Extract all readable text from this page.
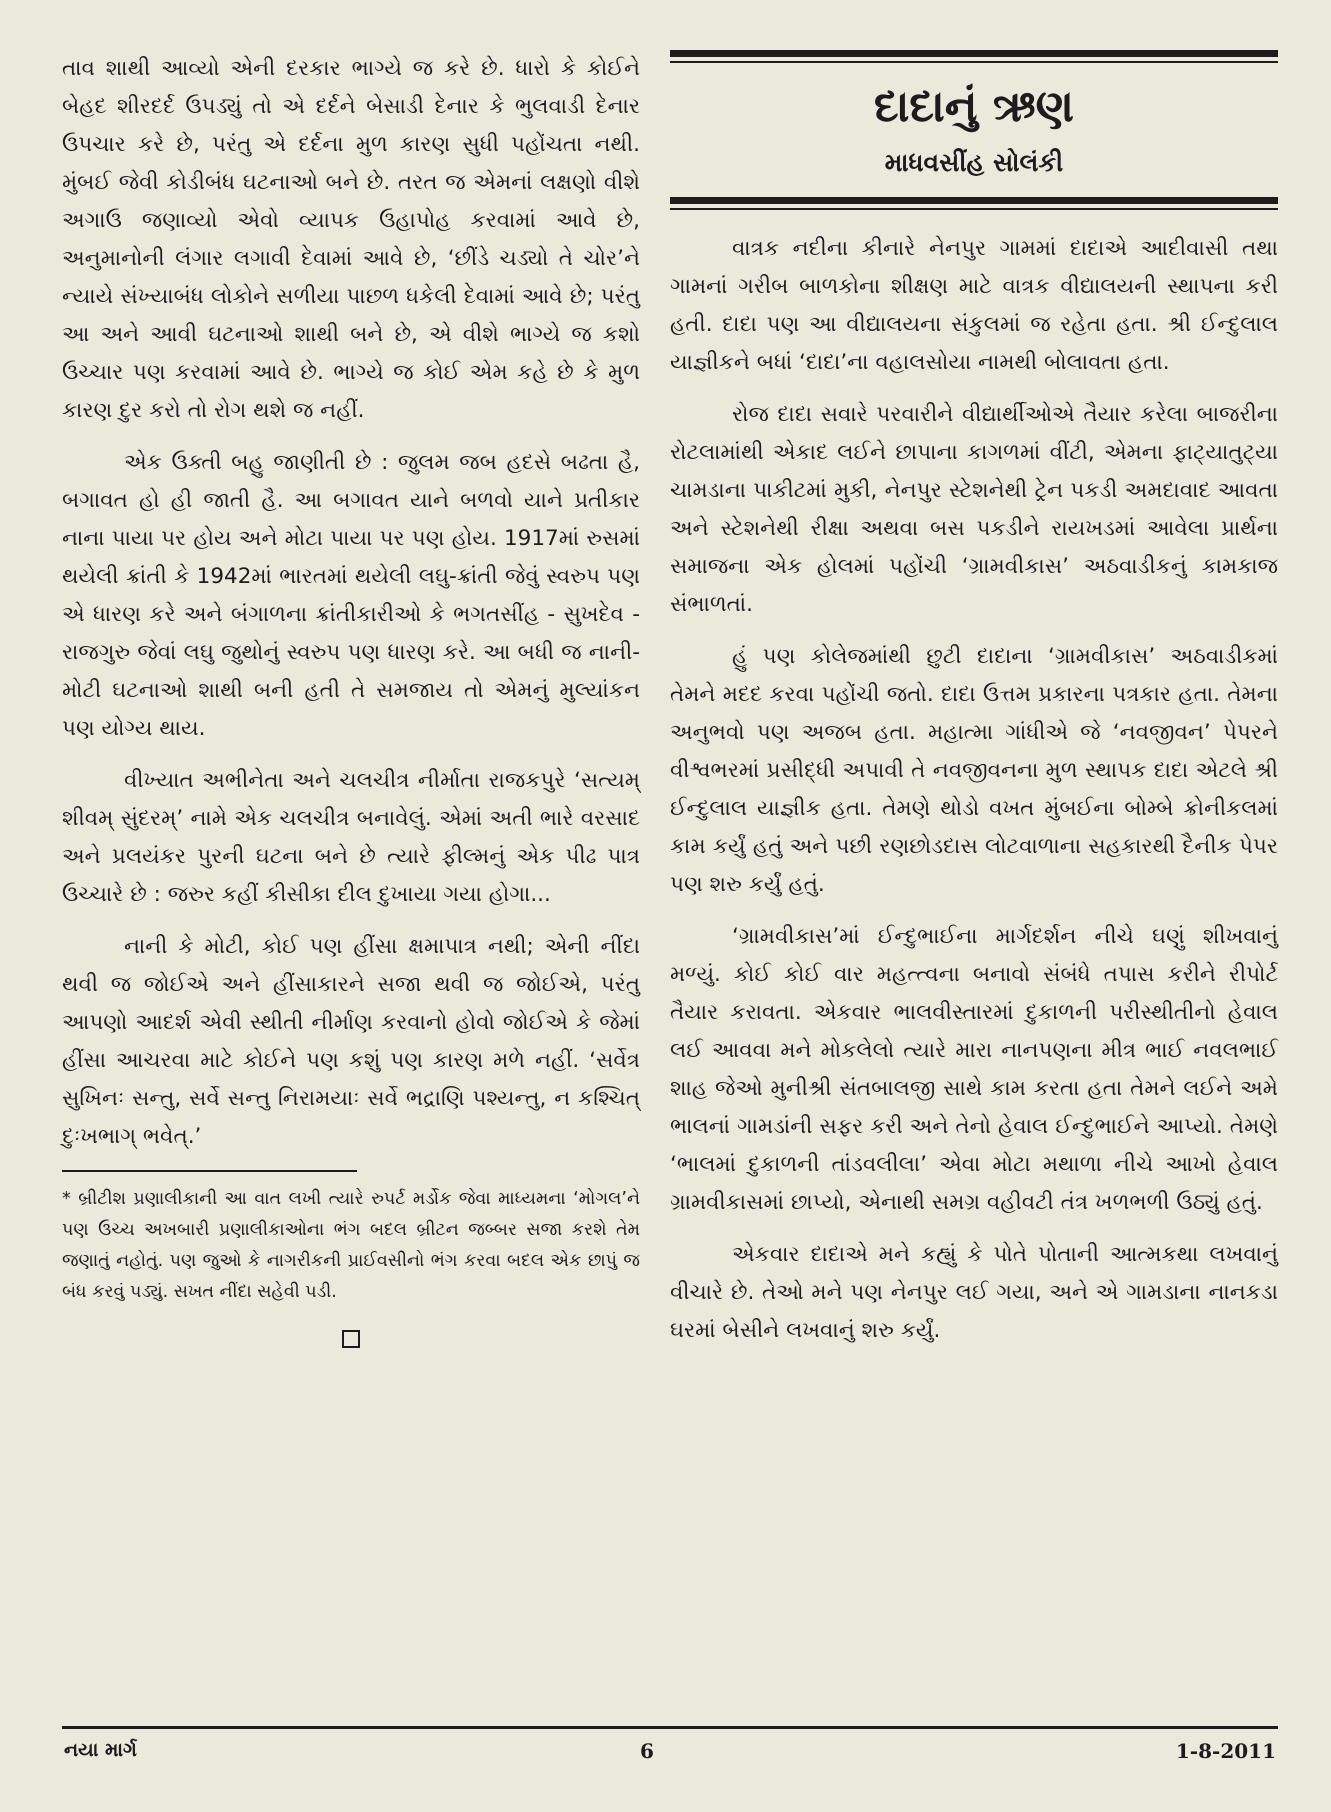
તાવ શાથી આવ્યો એની દરકાર ભાગ્યે જ કરે છે. ધારો કે કોઈને બેહદ શીરદર્દ ઉપડ્યું તો એ દર્દને બેસાડી દેનાર કે ભુલવાડી દેનાર ઉપચાર કરે છે, પરંતુ એ દર્દના મુળ કારણ સુધી પહોંચતા નથી. મુંબઈ જેવી કોડીબંધ ઘટનાઓ બને છે. તરત જ એમનાં લક્ષણો વીશે અગાઉ જણાવ્યો એવો વ્યાપક ઉહાપોહ કરવામાં આવે છે, અનુમાનોની લંગાર લગાવી દેવામાં આવે છે, ‘છીંડે ચડ્યો તે ચોર’ને ન્યાયે સંખ્યાબંધ લોકોને સળીયા પાછળ ધકેલી દેવામાં આવે છે; પરંતુ આ અને આવી ઘટનાઓ શાથી બને છે, એ વીશે ભાગ્યે જ કશો ઉચ્ચાર પણ કરવામાં આવે છે. ભાગ્યે જ કોઈ એમ કહે છે કે મુળ કારણ દુર કરો તો રોગ થશે જ નહીં.

એક ઉક્તી બહુ જાણીતી છે : જુલમ જબ હદસે બઢતા હૈ, બગાવત હો હી જાતી હૈ. આ બગાવત યાને બળવો યાને પ્રતીકાર નાના પાયા પર હોય અને મોટા પાયા પર પણ હોય. 1917માં રુસમાં થયેલી ક્રાંતી કે 1942માં ભારતમાં થયેલી લઘુ-ક્રાંતી જેવું સ્વરુપ પણ એ ધારણ કરે અને બંગાળના ક્રાંતીકારીઓ કે ભગતસીંહ - સુખદેવ - રાજગુરુ જેવાં લઘુ જુથોનું સ્વરુપ પણ ધારણ કરે. આ બધી જ નાની-મોટી ઘટનાઓ શાથી બની હતી તે સમજાય તો એમનું મુલ્યાંકન પણ યોગ્ય થાય.

વીખ્યાત અભીનેતા અને ચલચીત્ર નીર્માતા રાજકપુરે ‘સત્યમ્ શીવમ્ સુંદરમ્’ નામે એક ચલચીત્ર બનાવેલું. એમાં અતી ભારે વરસાદ અને પ્રલયંકર પુરની ઘટના બને છે ત્યારે ફીલ્મનું એક પીઢ પાત્ર ઉચ્ચારે છે : જરુર કહીં કીસીકા દીલ દુખાયા ગયા હોગા...

નાની કે મોટી, કોઈ પણ હીંસા ક્ષમાપાત્ર નથી; એની નીંદા થવી જ જોઈએ અને હીંસાકારને સજા થવી જ જોઈએ, પરંતુ આપણો આદર્શ એવી સ્થીતી નીર્માણ કરવાનો હોવો જોઈએ કે જેમાં હીંસા આચરવા માટે કોઈને પણ કશું પણ કારણ મળે નહીં. ‘સર્વેત્ર સુખિનઃ સન્તુ, સર્વે સન્તુ નિરામયાઃ સર્વે ભદ્રાણિ પશ્યન્તુ, ન કશ્ચિત્ દુઃખભાગ્ ભવેત્.’

* બ્રીટીશ પ્રણાલીકાની આ વાત લખી ત્યારે રુપર્ટ મર્ડોક જેવા માધ્યમના ‘મોગલ’ને પણ ઉચ્ચ અખબારી પ્રણાલીકાઓના ભંગ બદલ બ્રીટન જબ્બર સજા કરશે તેમ જણાતું નહોતું. પણ જુઓ કે નાગરીકની પ્રાઈવસીનો ભંગ કરવા બદલ એક છાપું જ બંધ કરવું પડ્યું. સખત નીંદા સહેવી પડી.

દાદાનું ઋણ
માધવસીંહ સોલંકી

વાત્રક નદીના કીનારે નેનપુર ગામમાં દાદાએ આદીવાસી તથા ગામનાં ગરીબ બાળકોના શીક્ષણ માટે વાત્રક વીદ્યાલયની સ્થાપના કરી હતી. દાદા પણ આ વીદ્યાલયના સંકુલમાં જ રહેતા હતા. શ્રી ઈન્દુલાલ યાજ્ઞીકને બધાં ‘દાદા’ના વહાલસોયા નામથી બોલાવતા હતા.

રોજ દાદા સવારે પરવારીને વીદ્યાર્થીઓએ તૈયાર કરેલા બાજરીના રોટલામાંથી એકાદ લઈને છાપાના કાગળમાં વીંટી, એમના ફાટ્યાતુટ્યા ચામડાના પાકીટમાં મુકી, નેનપુર સ્ટેશનેથી ટ્રેન પકડી અમદાવાદ આવતા અને સ્ટેશનેથી રીક્ષા અથવા બસ પકડીને રાયખડમાં આવેલા પ્રાર્થના સમાજના એક હોલમાં પહોંચી ‘ગ્રામવીકાસ’ અઠવાડીકનું કામકાજ સંભાળતાં.

હું પણ કોલેજમાંથી છુટી દાદાના ‘ગ્રામવીકાસ’ અઠવાડીકમાં તેમને મદદ કરવા પહોંચી જતો. દાદા ઉત્તમ પ્રકારના પત્રકાર હતા. તેમના અનુભવો પણ અજબ હતા. મહાત્મા ગાંધીએ જે ‘નવજીવન’ પેપરને વીશ્વભરમાં પ્રસીદ્ધી અપાવી તે નવજીવનના મુળ સ્થાપક દાદા એટલે શ્રી ઈન્દુલાલ યાજ્ઞીક હતા. તેમણે થોડો વખત મુંબઈના બોમ્બે ક્રોનીકલમાં કામ કર્યું હતું અને પછી રણછોડદાસ લોટવાળાના સહકારથી દૈનીક પેપર પણ શરુ કર્યું હતું.

‘ગ્રામવીકાસ’માં ઈન્દુભાઈના માર્ગદર્શન નીચે ઘણું શીખવાનું મળ્યું. કોઈ કોઈ વાર મહત્ત્વના બનાવો સંબંધે તપાસ કરીને રીપોર્ટ તૈયાર કરાવતા. એકવાર ભાલવીસ્તારમાં દુકાળની પરીસ્થીતીનો હેવાલ લઈ આવવા મને મોકલેલો ત્યારે મારા નાનપણના મીત્ર ભાઈ નવલભાઈ શાહ જેઓ મુનીશ્રી સંતબાલજી સાથે કામ કરતા હતા તેમને લઈને અમે ભાલનાં ગામડાંની સફર કરી અને તેનો હેવાલ ઈન્દુભાઈને આપ્યો. તેમણે ‘ભાલમાં દુકાળની તાંડવલીલા’ એવા મોટા મથાળા નીચે આખો હેવાલ ગ્રામવીકાસમાં છાપ્યો, એનાથી સમગ્ર વહીવટી તંત્ર ખળભળી ઉઠ્યું હતું.

એકવાર દાદાએ મને કહ્યું કે પોતે પોતાની આત્મકથા લખવાનું વીચારે છે. તેઓ મને પણ નેનપુર લઈ ગયા, અને એ ગામડાના નાનકડા ઘરમાં બેસીને લખવાનું શરુ કર્યું.

નયા માર્ગ	6	1-8-2011
